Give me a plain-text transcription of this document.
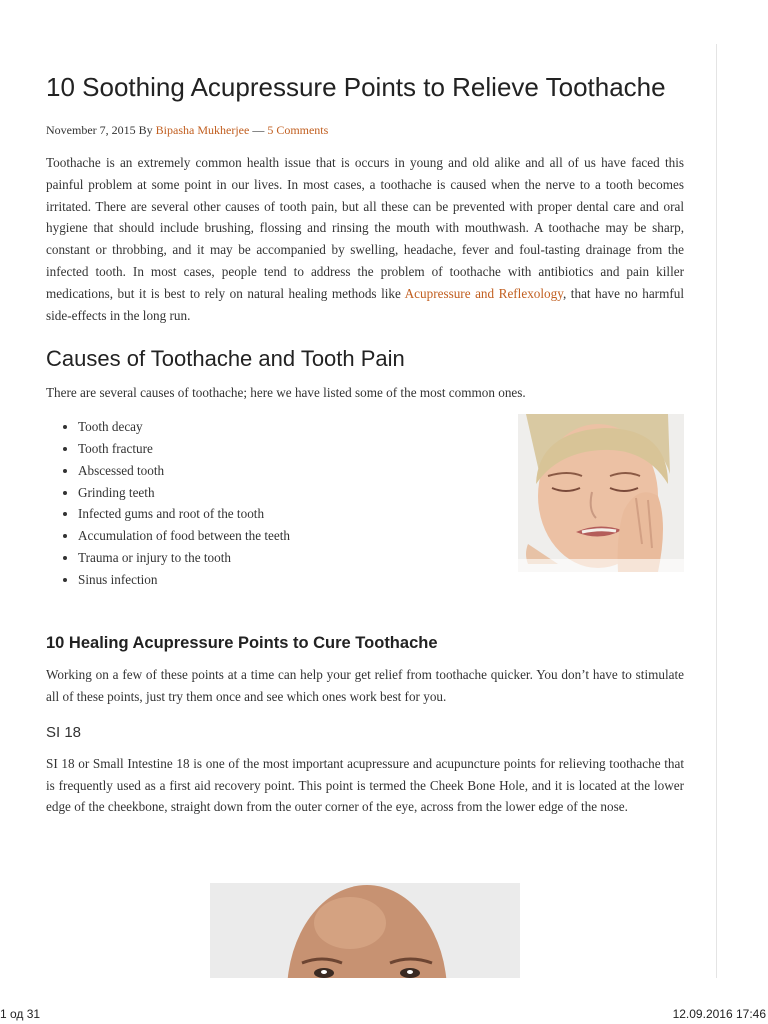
10 Soothing Acupressure Points to Relieve Toothache
November 7, 2015 By Bipasha Mukherjee — 5 Comments

Toothache is an extremely common health issue that is occurs in young and old alike and all of us have faced this painful problem at some point in our lives. In most cases, a toothache is caused when the nerve to a tooth becomes irritated. There are several other causes of tooth pain, but all these can be prevented with proper dental care and oral hygiene that should include brushing, flossing and rinsing the mouth with mouthwash. A toothache may be sharp, constant or throbbing, and it may be accompanied by swelling, headache, fever and foul-tasting drainage from the infected tooth. In most cases, people tend to address the problem of toothache with antibiotics and pain killer medications, but it is best to rely on natural healing methods like Acupressure and Reflexology, that have no harmful side-effects in the long run.

Causes of Toothache and Tooth Pain

There are several causes of toothache; here we have listed some of the most common ones.

• Tooth decay
• Tooth fracture
• Abscessed tooth
• Grinding teeth
• Infected gums and root of the tooth
• Accumulation of food between the teeth
• Trauma or injury to the tooth
• Sinus infection
10 Healing Acupressure Points to Cure Toothache

Working on a few of these points at a time can help your get relief from toothache quicker. You don’t have to stimulate all of these points, just try them once and see which ones work best for you.

SI 18

SI 18 or Small Intestine 18 is one of the most important acupressure and acupuncture points for relieving toothache that is frequently used as a first aid recovery point. This point is termed the Cheek Bone Hole, and it is located at the lower edge of the cheekbone, straight down from the outer corner of the eye, across from the lower edge of the nose.

1 од 31	12.09.2016 17:46
